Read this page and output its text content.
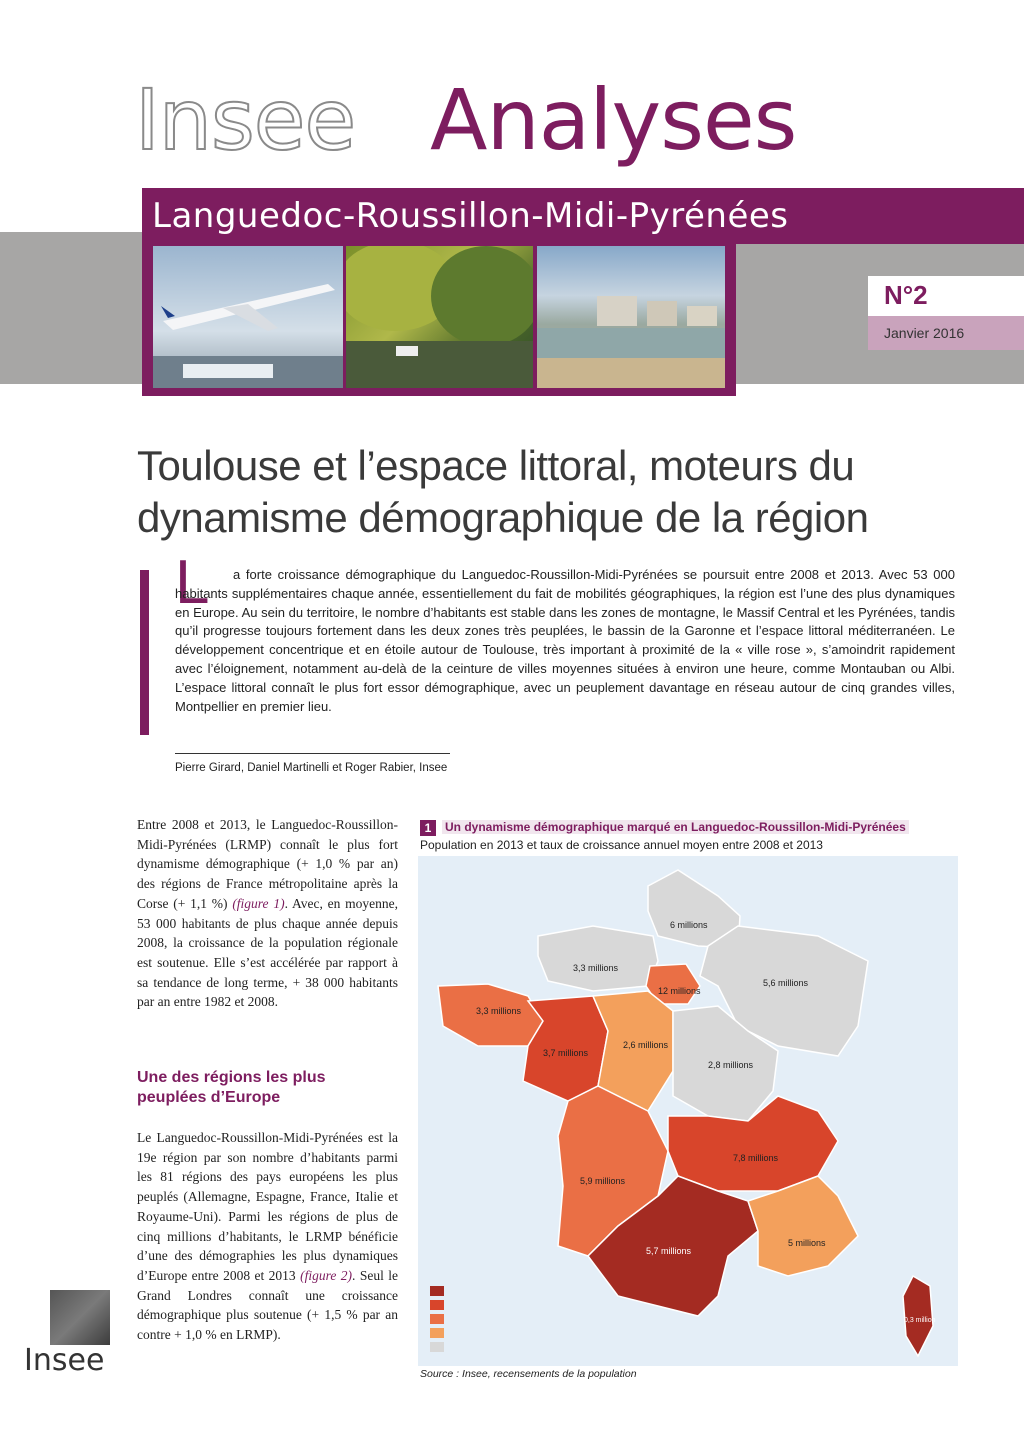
Insee Analyses
Languedoc-Roussillon-Midi-Pyrénées
N°2
Janvier 2016
Toulouse et l’espace littoral, moteurs du dynamisme démographique de la région
L	a forte croissance démographique du Languedoc-Roussillon-Midi-Pyrénées se poursuit entre 2008 et 2013. Avec 53 000 habitants supplémentaires chaque année, essentiellement du fait de mobilités géographiques, la région est l’une des plus dynamiques en Europe. Au sein du territoire, le nombre d’habitants est stable dans les zones de montagne, le Massif Central et les Pyrénées, tandis qu’il progresse toujours fortement dans les deux zones très peuplées, le bassin de la Garonne et l’espace littoral méditerranéen. Le développement concentrique et en étoile autour de Toulouse, très important à proximité de la « ville rose », s’amoindrit rapidement avec l’éloignement, notamment au-delà de la ceinture de villes moyennes situées à environ une heure, comme Montauban ou Albi. L’espace littoral connaît le plus fort essor démographique, avec un peuplement davantage en réseau autour de cinq grandes villes, Montpellier en premier lieu.
Pierre Girard, Daniel Martinelli et Roger Rabier, Insee
Entre 2008 et 2013, le Languedoc-Roussillon-Midi-Pyrénées (LRMP) connaît le plus fort dynamisme démographique (+ 1,0 % par an) des régions de France métropolitaine après la Corse (+ 1,1 %) (figure 1). Avec, en moyenne, 53 000 habitants de plus chaque année depuis 2008, la croissance de la population régionale est soutenue. Elle s’est accélérée par rapport à sa tendance de long terme, + 38 000 habitants par an entre 1982 et 2008.
Une des régions les plus peuplées d’Europe
Le Languedoc-Roussillon-Midi-Pyrénées est la 19e région par son nombre d’habitants parmi les 81 régions des pays européens les plus peuplés (Allemagne, Espagne, France, Italie et Royaume-Uni). Parmi les régions de plus de cinq millions d’habitants, le LRMP bénéficie d’une des démographies les plus dynamiques d’Europe entre 2008 et 2013 (figure 2). Seul le Grand Londres connaît une croissance démographique plus soutenue (+ 1,5 % par an contre + 1,0 % en LRMP).
1	Un dynamisme démographique marqué en Languedoc-Roussillon-Midi-Pyrénées
Population en 2013 et taux de croissance annuel moyen entre 2008 et 2013
6 millions
3,3 millions
5,6 millions
12 millions
3,3 millions
3,7 millions
2,6 millions
2,8 millions
7,8 millions
5,9 millions
5,7 millions
5 millions
0,3 million
Source : Insee, recensements de la population
Insee
